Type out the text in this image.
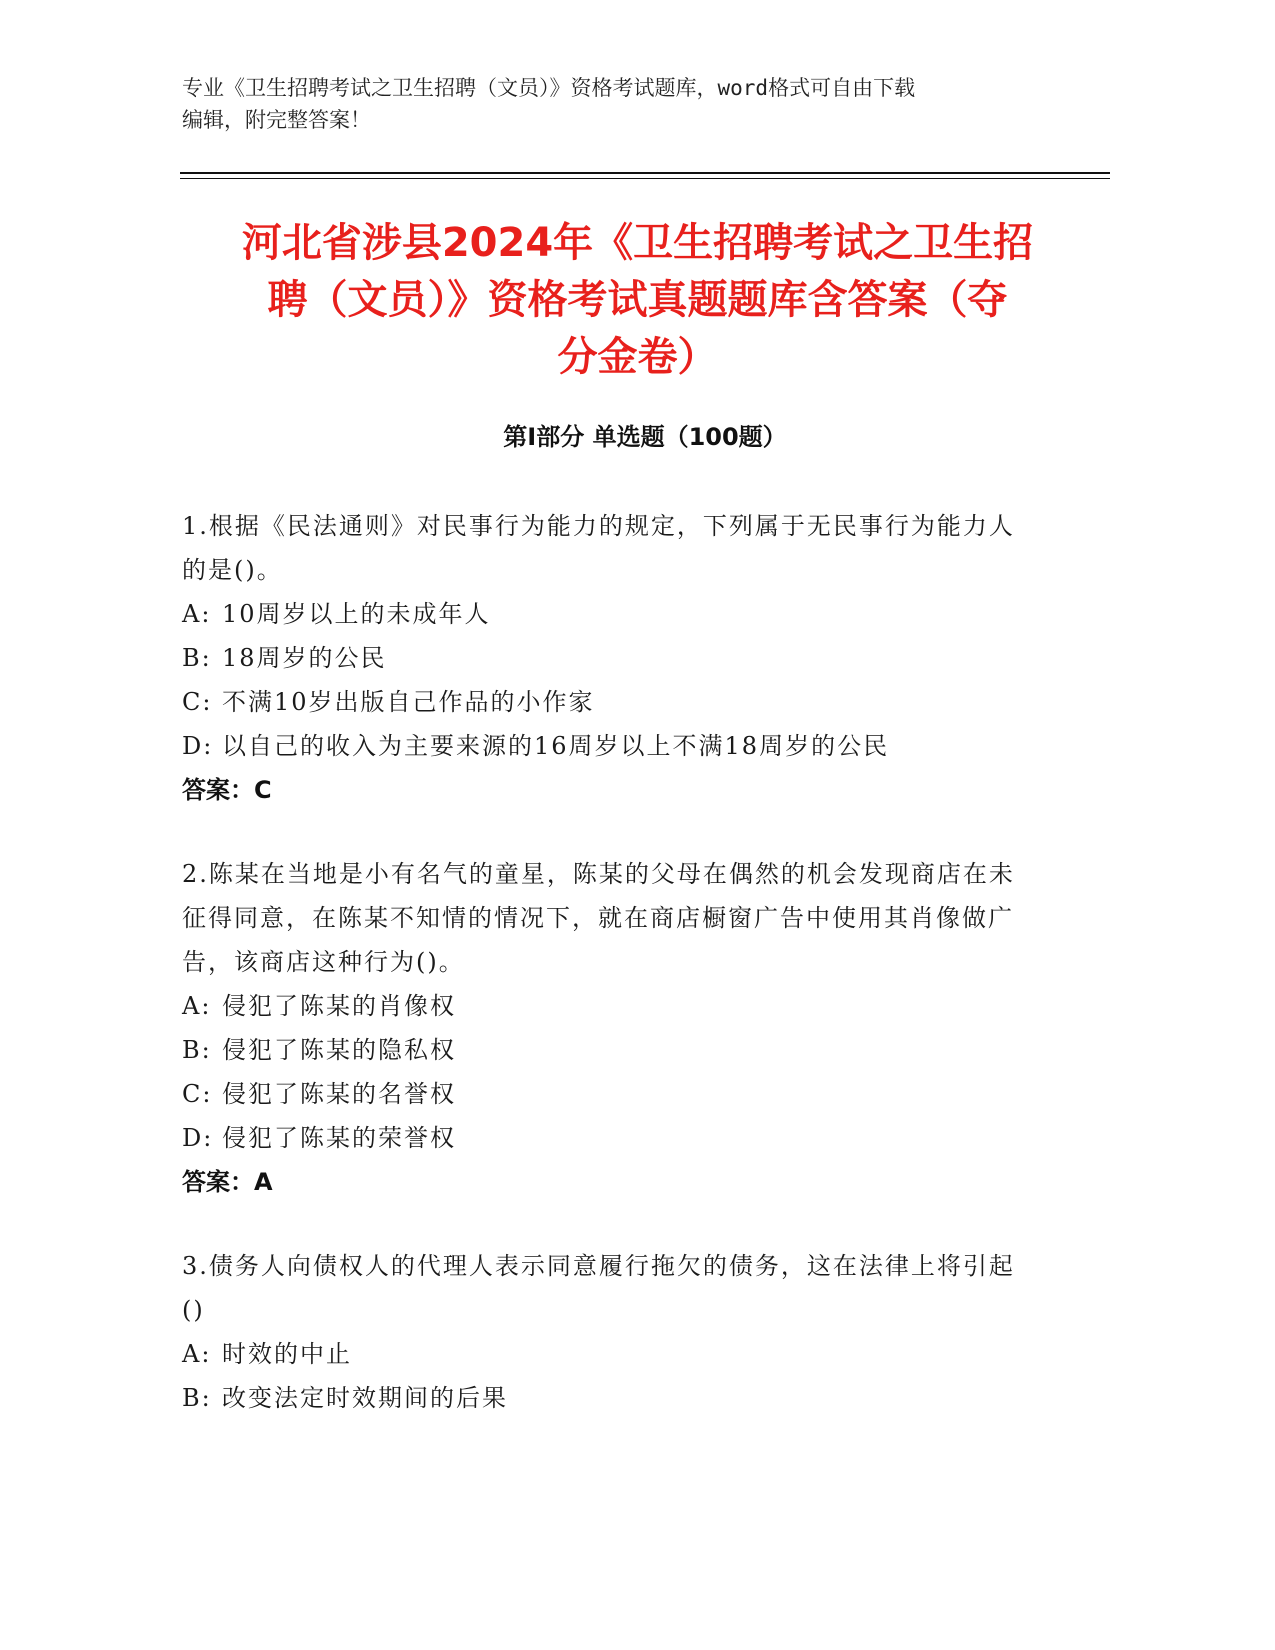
专业《卫生招聘考试之卫生招聘（文员）》资格考试题库，word格式可自由下载
编辑，附完整答案！
河北省涉县2024年《卫生招聘考试之卫生招
聘（文员）》资格考试真题题库含答案（夺
分金卷）
第Ⅰ部分 单选题（100题）
1.根据《民法通则》对民事行为能力的规定，下列属于无民事行为能力人的是()。
A: 10周岁以上的未成年人
B: 18周岁的公民
C: 不满10岁出版自己作品的小作家
D: 以自己的收入为主要来源的16周岁以上不满18周岁的公民
答案：C
2.陈某在当地是小有名气的童星，陈某的父母在偶然的机会发现商店在未征得同意，在陈某不知情的情况下，就在商店橱窗广告中使用其肖像做广告，该商店这种行为()。
A: 侵犯了陈某的肖像权
B: 侵犯了陈某的隐私权
C: 侵犯了陈某的名誉权
D: 侵犯了陈某的荣誉权
答案：A
3.债务人向债权人的代理人表示同意履行拖欠的债务，这在法律上将引起()
A: 时效的中止
B: 改变法定时效期间的后果
